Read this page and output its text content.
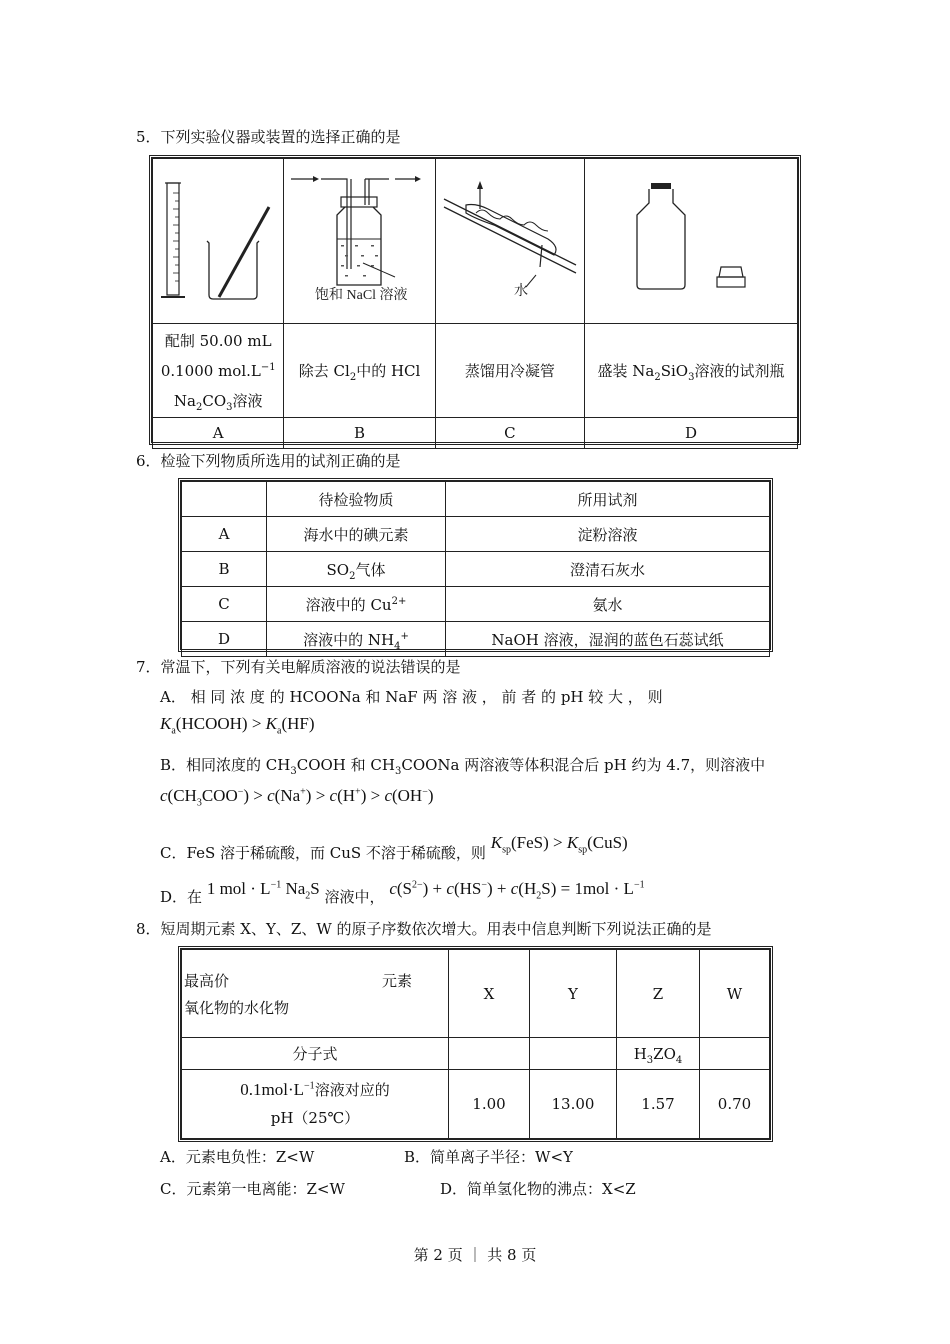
5．下列实验仪器或装置的选择正确的是

饱和 NaCl 溶液	水

配制 50.00 mL
0.1000 $mol.L^{-1}$
$Na_2CO_3$溶液	除去 $Cl_2$中的 HCl	蒸馏用冷凝管	盛装 $Na_2SiO_3$溶液的试剂瓶
A	B	C	D
6．检验下列物质所选用的试剂正确的是
	待检验物质	所用试剂
A	海水中的碘元素	淀粉溶液
B	$SO_2$气体	澄清石灰水
C	溶液中的 $Cu^{2+}$	氨水
D	溶液中的 $NH_4^+$	NaOH 溶液，湿润的蓝色石蕊试纸
7．常温下，下列有关电解质溶液的说法错误的是
A． 相 同 浓 度 的 HCOONa 和 NaF 两 溶 液 ， 前 者 的 pH 较 大 ， 则
$K_a(HCOOH) > K_a(HF)$
B．相同浓度的 $CH_3COOH$ 和 $CH_3COONa$ 两溶液等体积混合后 pH 约为 4.7，则溶液中
$c(CH_3COO^-) > c(Na^+) > c(H^+) > c(OH^-)$
C．FeS 溶于稀硫酸，而 CuS 不溶于稀硫酸，则 $K_{sp}(FeS) > K_{sp}(CuS)$
D．在 1 mol · $L^{-1}$ $Na_2S$ 溶液中， $c(S^{2-}) + c(HS^-) + c(H_2S) = 1mol \cdot L^{-1}$
8．短周期元素 X、Y、Z、W 的原子序数依次增大。用表中信息判断下列说法正确的是
最高价 元素
氧化物的水化物	X	Y	Z	W
分子式			$H_3ZO_4$	
$0.1mol\cdot L^{-1}$溶液对应的
pH（25℃）	1.00	13.00	1.57	0.70
A．元素电负性：Z<W	B．简单离子半径：W<Y
C．元素第一电离能：Z<W	D．简单氢化物的沸点：X<Z
第 2 页 ｜ 共 8 页
